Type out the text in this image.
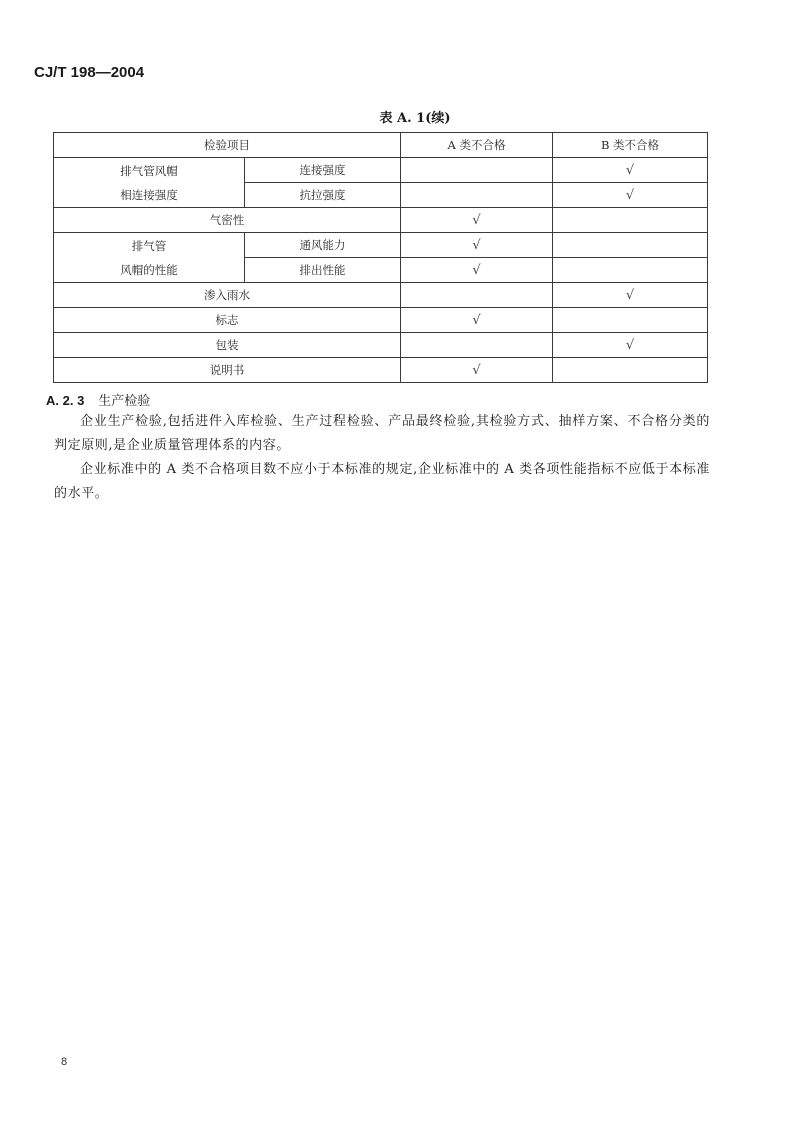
CJ/T 198—2004
表 A. 1(续)
检验项目		A 类不合格	B 类不合格

排气管风帽
相连接强度	连接强度		√
	抗拉强度		√
气密性		√	

排气管
风帽的性能	通风能力	√	
	排出性能	√	
渗入雨水			√
标志		√	
包装			√
说明书		√	
A. 2. 3 生产检验
企业生产检验,包括进件入库检验、生产过程检验、产品最终检验,其检验方式、抽样方案、不合格分类的判定原则,是企业质量管理体系的内容。
企业标准中的 A 类不合格项目数不应小于本标准的规定,企业标准中的 A 类各项性能指标不应低于本标准的水平。
8
